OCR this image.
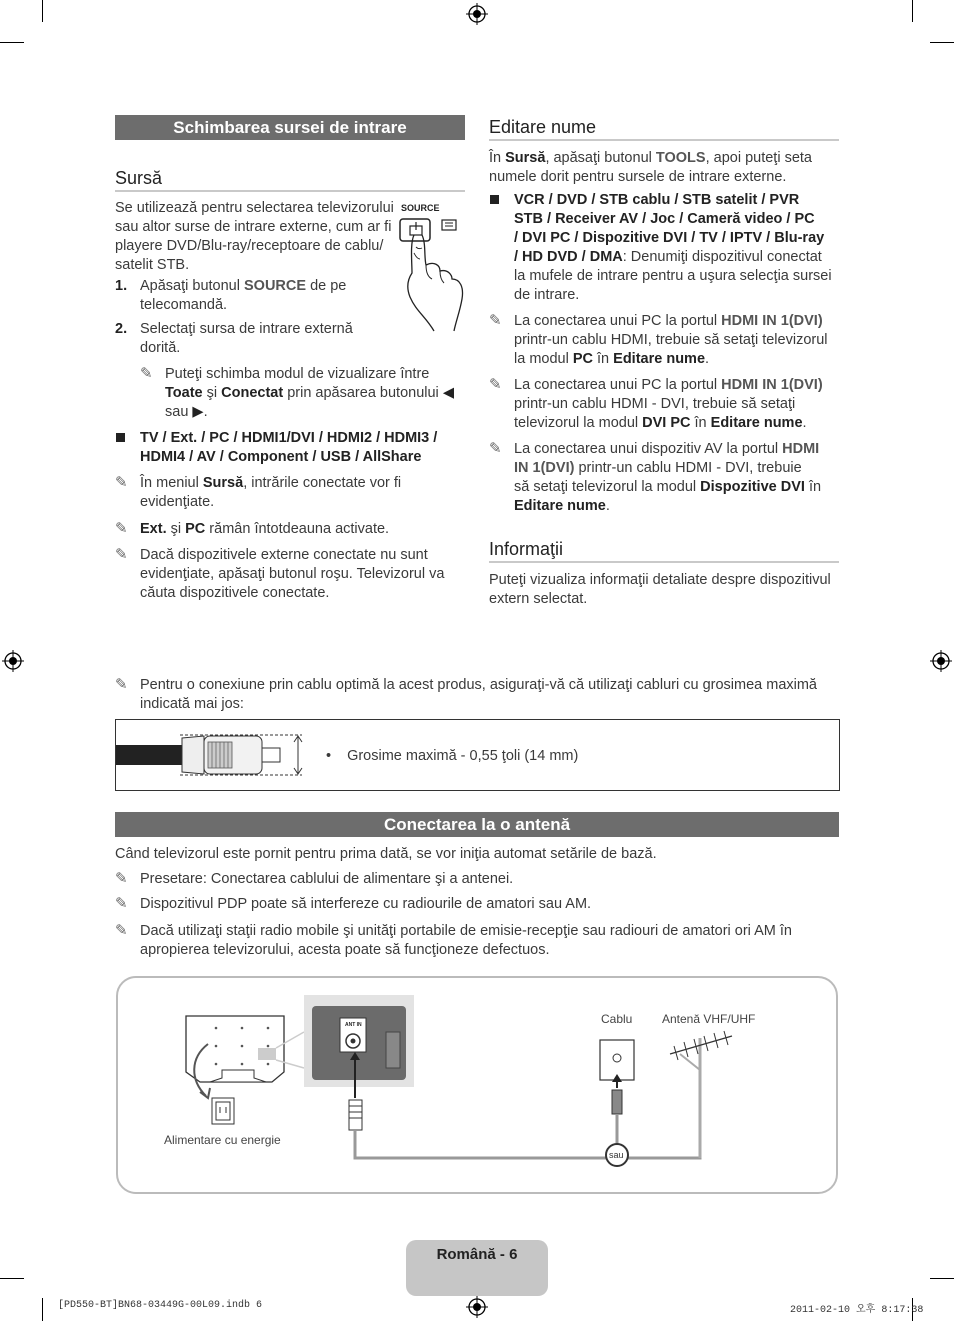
Schimbarea sursei de intrare
Sursă
Se utilizează pentru selectarea televizorului
sau altor surse de intrare externe, cum ar fi
playere DVD/Blu-ray/receptoare de cablu/
satelit STB.
SOURCE
1. Apăsaţi butonul SOURCE de pe
telecomandă.
2. Selectaţi sursa de intrare externă
dorită.
✎ Puteţi schimba modul de vizualizare între
Toate şi Conectat prin apăsarea butonului ◀
sau ▶.
TV / Ext. / PC / HDMI1/DVI / HDMI2 / HDMI3 /
HDMI4 / AV / Component / USB / AllShare
✎ În meniul Sursă, intrările conectate vor fi
evidenţiate.
✎ Ext. şi PC rămân întotdeauna activate.
✎ Dacă dispozitivele externe conectate nu sunt
evidenţiate, apăsaţi butonul roşu. Televizorul va
căuta dispozitivele conectate.
Editare nume
În Sursă, apăsaţi butonul TOOLS, apoi puteţi seta
numele dorit pentru sursele de intrare externe.
VCR / DVD / STB cablu / STB satelit / PVR
STB / Receiver AV / Joc / Cameră video / PC
/ DVI PC / Dispozitive DVI / TV / IPTV / Blu-ray
/ HD DVD / DMA: Denumiţi dispozitivul conectat
la mufele de intrare pentru a uşura selecţia sursei
de intrare.
✎ La conectarea unui PC la portul HDMI IN 1(DVI)
printr-un cablu HDMI, trebuie să setaţi televizorul
la modul PC în Editare nume.
✎ La conectarea unui PC la portul HDMI IN 1(DVI)
printr-un cablu HDMI - DVI, trebuie să setaţi
televizorul la modul DVI PC în Editare nume.
✎ La conectarea unui dispozitiv AV la portul HDMI
IN 1(DVI) printr-un cablu HDMI - DVI, trebuie
să setaţi televizorul la modul Dispozitive DVI în
Editare nume.
Informaţii
Puteţi vizualiza informaţii detaliate despre dispozitivul
extern selectat.
✎ Pentru o conexiune prin cablu optimă la acest produs, asiguraţi-vă că utilizaţi cabluri cu grosimea maximă
indicată mai jos:
• Grosime maximă - 0,55 ţoli (14 mm)
Conectarea la o antenă
Când televizorul este pornit pentru prima dată, se vor iniţia automat setările de bază.
✎ Presetare: Conectarea cablului de alimentare şi a antenei.
✎ Dispozitivul PDP poate să interfereze cu radiourile de amatori sau AM.
✎ Dacă utilizaţi staţii radio mobile şi unităţi portabile de emisie-recepţie sau radiouri de amatori ori AM în
apropierea televizorului, acesta poate să funcţioneze defectuos.
ANT IN
Alimentare cu energie
Cablu Antenă VHF/UHF
sau
Română - 6
[PD550-BT]BN68-03449G-00L09.indb 6	2011-02-10 오후 8:17:38
